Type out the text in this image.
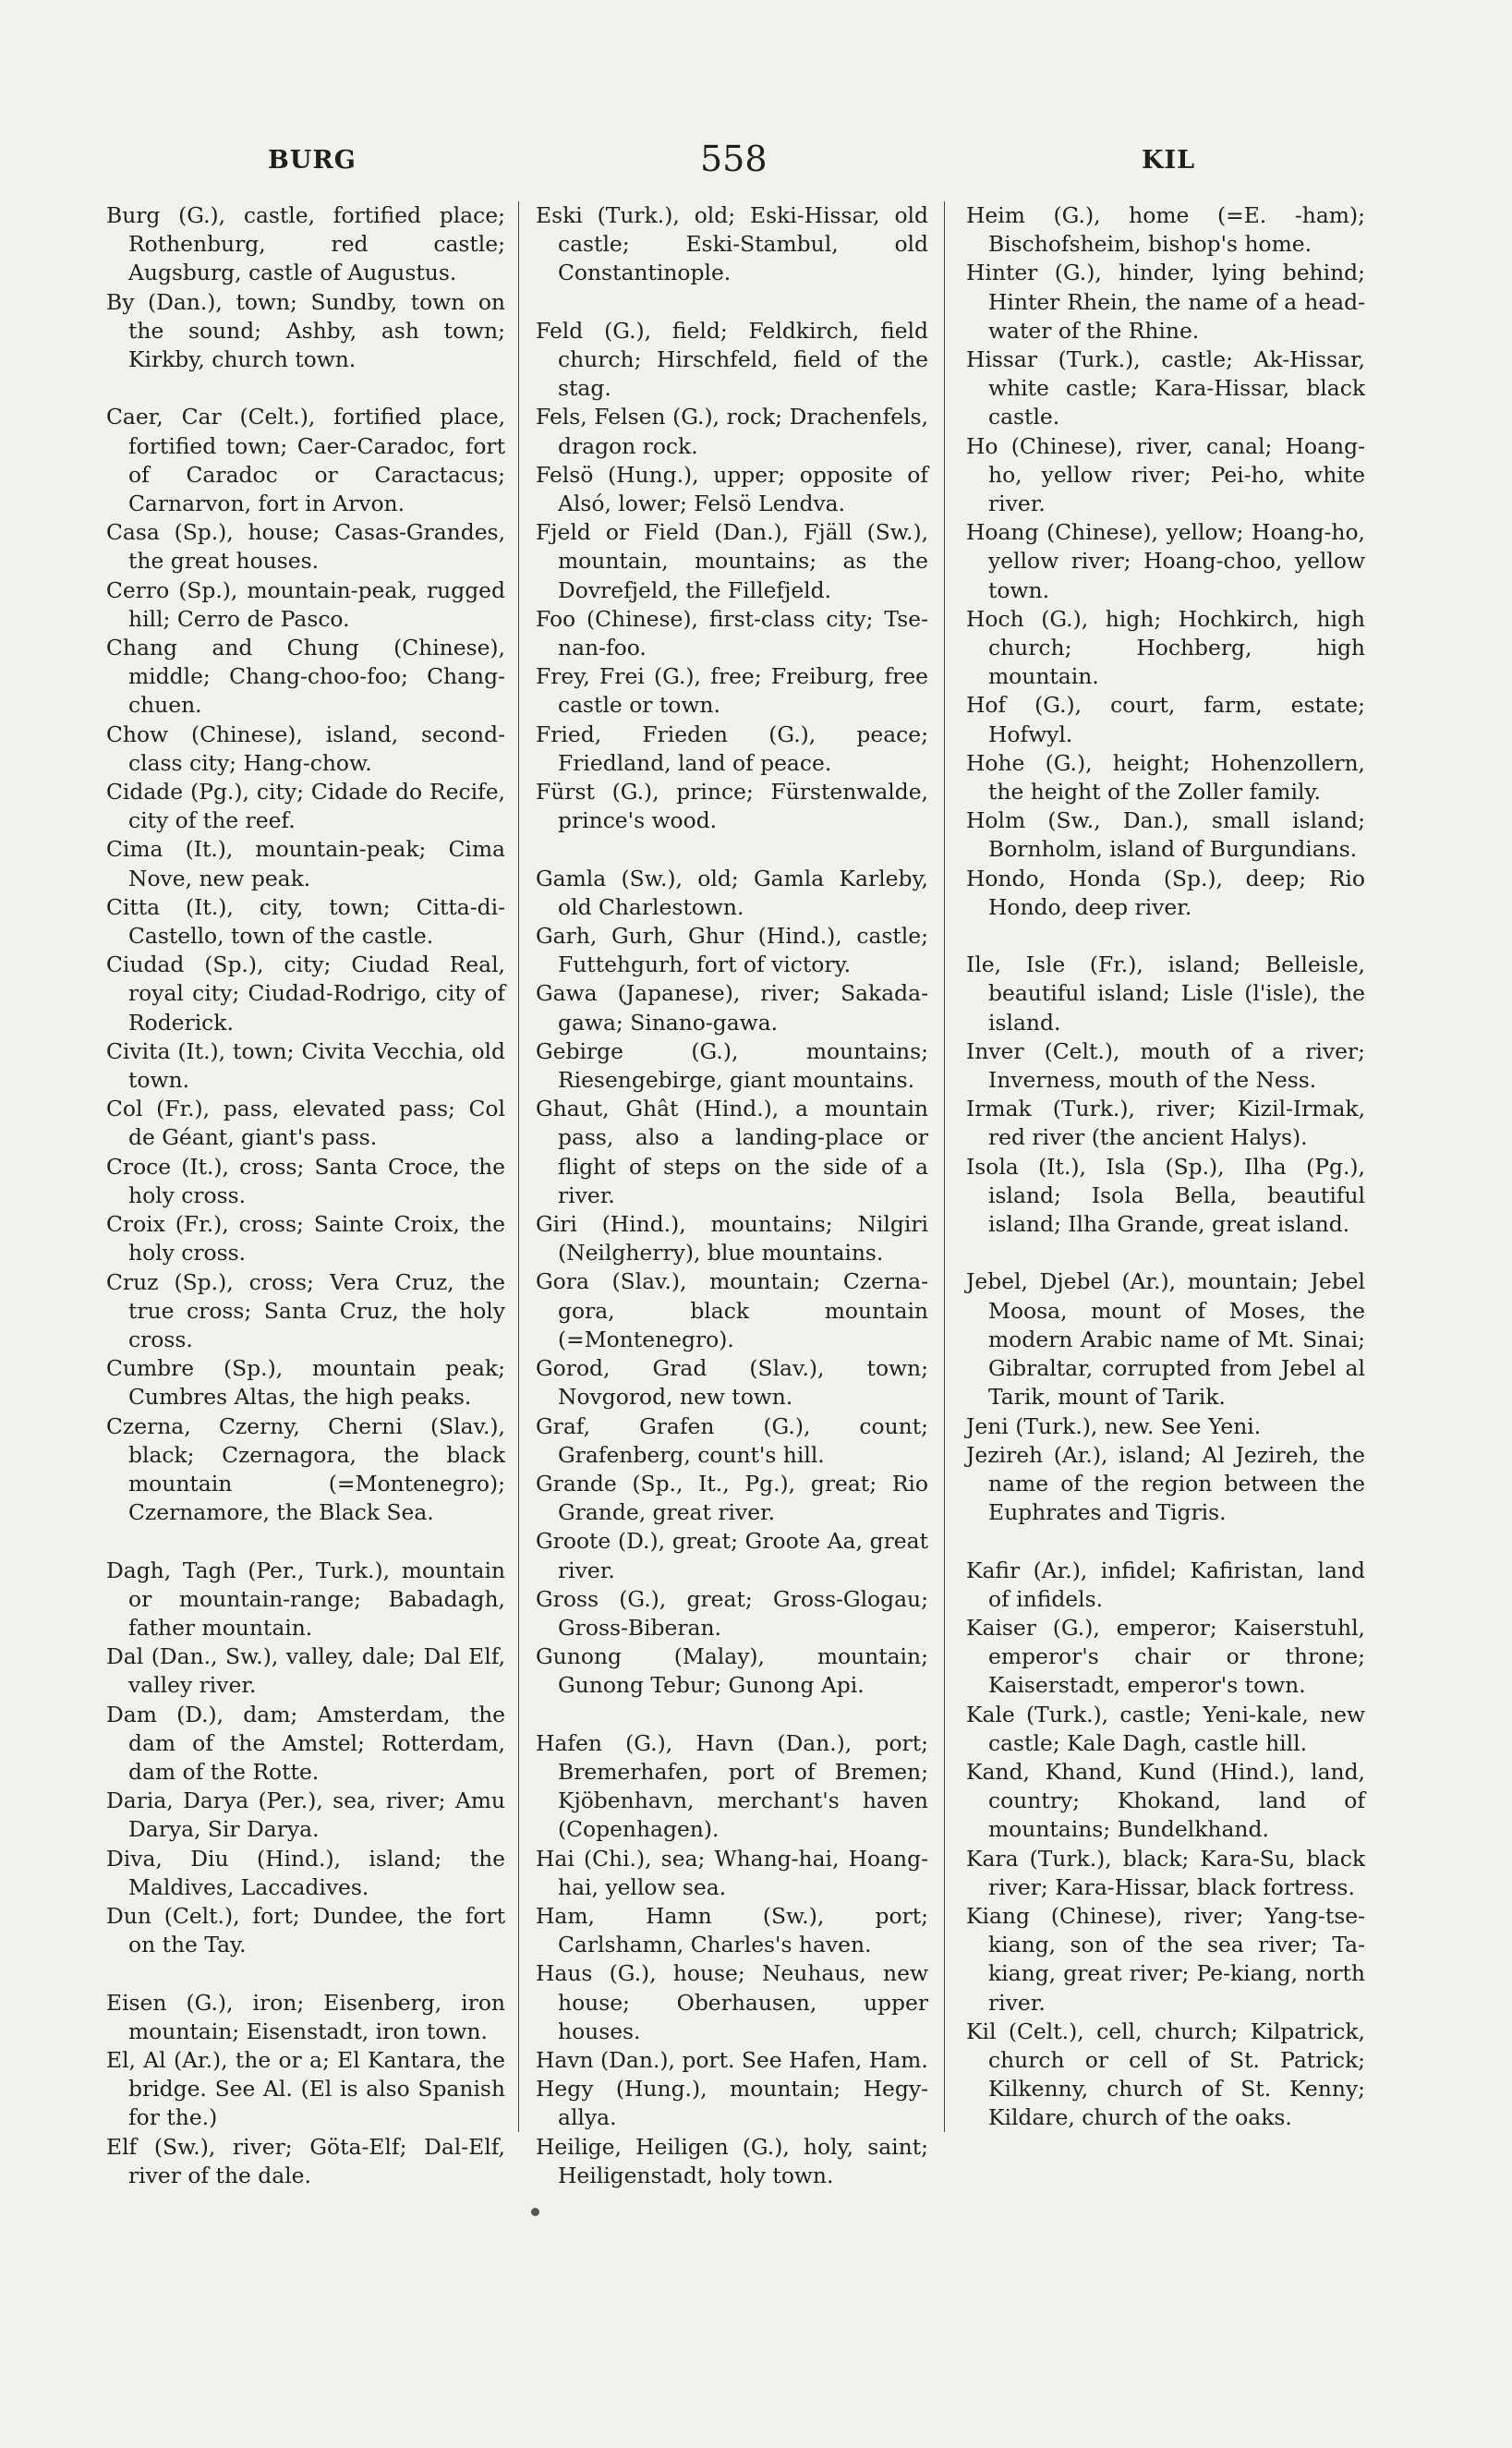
BURG	558	KIL

Burg (G.), castle, fortified place; Rothenburg, red castle; Augsburg, castle of Augustus.

By (Dan.), town; Sundby, town on the sound; Ashby, ash town; Kirkby, church town.

Caer, Car (Celt.), fortified place, fortified town; Caer-Caradoc, fort of Caradoc or Caractacus; Carnarvon, fort in Arvon.

Casa (Sp.), house; Casas-Grandes, the great houses.

Cerro (Sp.), mountain-peak, rugged hill; Cerro de Pasco.

Chang and Chung (Chinese), middle; Chang-choo-foo; Chang-chuen.

Chow (Chinese), island, second-class city; Hang-chow.

Cidade (Pg.), city; Cidade do Recife, city of the reef.

Cima (It.), mountain-peak; Cima Nove, new peak.

Citta (It.), city, town; Citta-di-Castello, town of the castle.

Ciudad (Sp.), city; Ciudad Real, royal city; Ciudad-Rodrigo, city of Roderick.

Civita (It.), town; Civita Vecchia, old town.

Col (Fr.), pass, elevated pass; Col de Géant, giant's pass.

Croce (It.), cross; Santa Croce, the holy cross.

Croix (Fr.), cross; Sainte Croix, the holy cross.

Cruz (Sp.), cross; Vera Cruz, the true cross; Santa Cruz, the holy cross.

Cumbre (Sp.), mountain peak; Cumbres Altas, the high peaks.

Czerna, Czerny, Cherni (Slav.), black; Czernagora, the black mountain (=Montenegro); Czernamore, the Black Sea.

Dagh, Tagh (Per., Turk.), mountain or mountain-range; Babadagh, father mountain.

Dal (Dan., Sw.), valley, dale; Dal Elf, valley river.

Dam (D.), dam; Amsterdam, the dam of the Amstel; Rotterdam, dam of the Rotte.

Daria, Darya (Per.), sea, river; Amu Darya, Sir Darya.

Diva, Diu (Hind.), island; the Maldives, Laccadives.

Dun (Celt.), fort; Dundee, the fort on the Tay.

Eisen (G.), iron; Eisenberg, iron mountain; Eisenstadt, iron town.

El, Al (Ar.), the or a; El Kantara, the bridge. See Al. (El is also Spanish for the.)

Elf (Sw.), river; Göta-Elf; Dal-Elf, river of the dale.

Eski (Turk.), old; Eski-Hissar, old castle; Eski-Stambul, old Constantinople.

Feld (G.), field; Feldkirch, field church; Hirschfeld, field of the stag.

Fels, Felsen (G.), rock; Drachenfels, dragon rock.

Felsö (Hung.), upper; opposite of Alsó, lower; Felsö Lendva.

Fjeld or Field (Dan.), Fjäll (Sw.), mountain, mountains; as the Dovrefjeld, the Fillefjeld.

Foo (Chinese), first-class city; Tse-nan-foo.

Frey, Frei (G.), free; Freiburg, free castle or town.

Fried, Frieden (G.), peace; Friedland, land of peace.

Fürst (G.), prince; Fürstenwalde, prince's wood.

Gamla (Sw.), old; Gamla Karleby, old Charlestown.

Garh, Gurh, Ghur (Hind.), castle; Futtehgurh, fort of victory.

Gawa (Japanese), river; Sakada-gawa; Sinano-gawa.

Gebirge (G.), mountains; Riesengebirge, giant mountains.

Ghaut, Ghât (Hind.), a mountain pass, also a landing-place or flight of steps on the side of a river.

Giri (Hind.), mountains; Nilgiri (Neilgherry), blue mountains.

Gora (Slav.), mountain; Czerna-gora, black mountain (=Montenegro).

Gorod, Grad (Slav.), town; Novgorod, new town.

Graf, Grafen (G.), count; Grafenberg, count's hill.

Grande (Sp., It., Pg.), great; Rio Grande, great river.

Groote (D.), great; Groote Aa, great river.

Gross (G.), great; Gross-Glogau; Gross-Biberan.

Gunong (Malay), mountain; Gunong Tebur; Gunong Api.

Hafen (G.), Havn (Dan.), port; Bremerhafen, port of Bremen; Kjöbenhavn, merchant's haven (Copenhagen).

Hai (Chi.), sea; Whang-hai, Hoang-hai, yellow sea.

Ham, Hamn (Sw.), port; Carlshamn, Charles's haven.

Haus (G.), house; Neuhaus, new house; Oberhausen, upper houses.

Havn (Dan.), port. See Hafen, Ham.

Hegy (Hung.), mountain; Hegy-allya.

Heilige, Heiligen (G.), holy, saint; Heiligenstadt, holy town.

Heim (G.), home (=E. -ham); Bischofsheim, bishop's home.

Hinter (G.), hinder, lying behind; Hinter Rhein, the name of a head-water of the Rhine.

Hissar (Turk.), castle; Ak-Hissar, white castle; Kara-Hissar, black castle.

Ho (Chinese), river, canal; Hoang-ho, yellow river; Pei-ho, white river.

Hoang (Chinese), yellow; Hoang-ho, yellow river; Hoang-choo, yellow town.

Hoch (G.), high; Hochkirch, high church; Hochberg, high mountain.

Hof (G.), court, farm, estate; Hofwyl.

Hohe (G.), height; Hohenzollern, the height of the Zoller family.

Holm (Sw., Dan.), small island; Bornholm, island of Burgundians.

Hondo, Honda (Sp.), deep; Rio Hondo, deep river.

Ile, Isle (Fr.), island; Belleisle, beautiful island; Lisle (l'isle), the island.

Inver (Celt.), mouth of a river; Inverness, mouth of the Ness.

Irmak (Turk.), river; Kizil-Irmak, red river (the ancient Halys).

Isola (It.), Isla (Sp.), Ilha (Pg.), island; Isola Bella, beautiful island; Ilha Grande, great island.

Jebel, Djebel (Ar.), mountain; Jebel Moosa, mount of Moses, the modern Arabic name of Mt. Sinai; Gibraltar, corrupted from Jebel al Tarik, mount of Tarik.

Jeni (Turk.), new. See Yeni.

Jezireh (Ar.), island; Al Jezireh, the name of the region between the Euphrates and Tigris.

Kafir (Ar.), infidel; Kafiristan, land of infidels.

Kaiser (G.), emperor; Kaiserstuhl, emperor's chair or throne; Kaiserstadt, emperor's town.

Kale (Turk.), castle; Yeni-kale, new castle; Kale Dagh, castle hill.

Kand, Khand, Kund (Hind.), land, country; Khokand, land of mountains; Bundelkhand.

Kara (Turk.), black; Kara-Su, black river; Kara-Hissar, black fortress.

Kiang (Chinese), river; Yang-tse-kiang, son of the sea river; Ta-kiang, great river; Pe-kiang, north river.

Kil (Celt.), cell, church; Kilpatrick, church or cell of St. Patrick; Kilkenny, church of St. Kenny; Kildare, church of the oaks.
